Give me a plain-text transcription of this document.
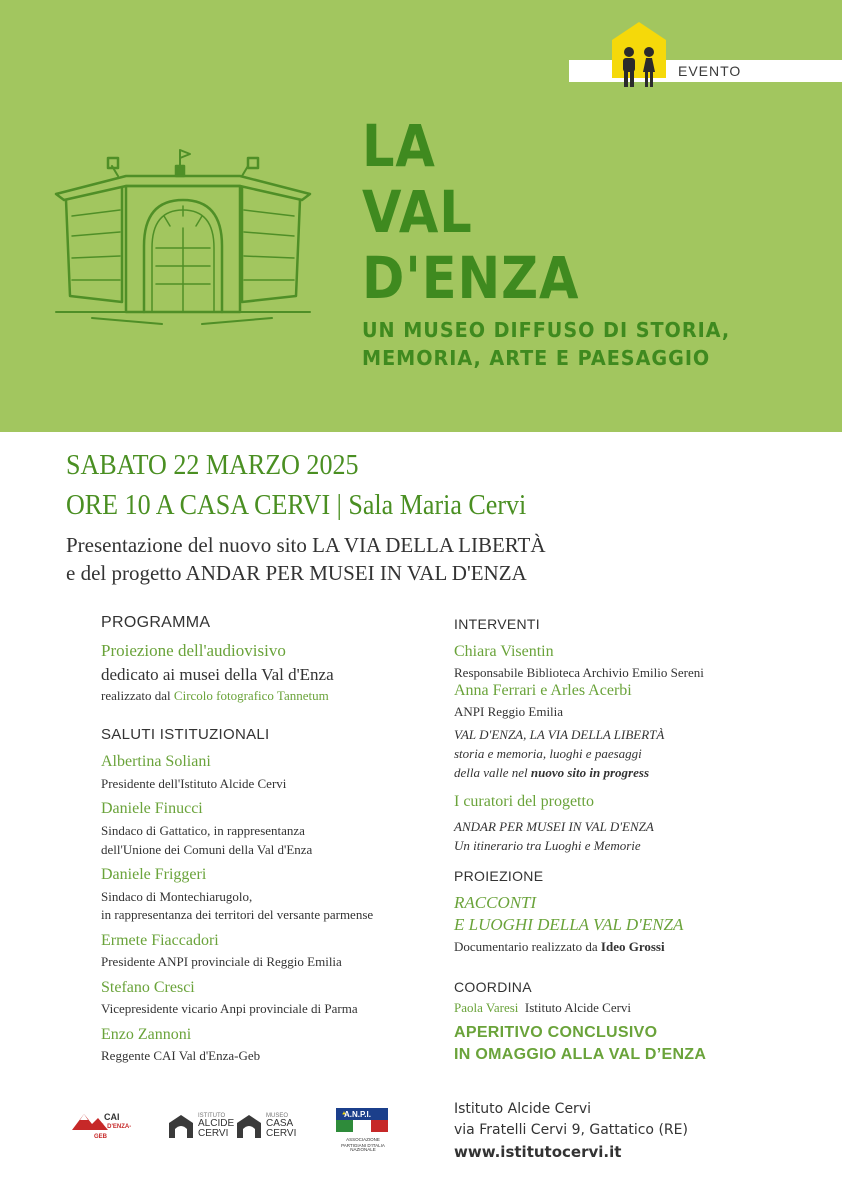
EVENTO
LA
VAL
D'ENZA
UN MUSEO DIFFUSO DI STORIA,
MEMORIA, ARTE E PAESAGGIO
SABATO 22 MARZO 2025
ORE 10 A CASA CERVI | Sala Maria Cervi
Presentazione del nuovo sito LA VIA DELLA LIBERTÀ
e del progetto ANDAR PER MUSEI IN VAL D'ENZA
PROGRAMMA
Proiezione dell'audiovisivo
dedicato ai musei della Val d'Enza
realizzato dal Circolo fotografico Tannetum
SALUTI ISTITUZIONALI
Albertina Soliani
Presidente dell'Istituto Alcide Cervi
Daniele Finucci
Sindaco di Gattatico, in rappresentanza
dell'Unione dei Comuni della Val d'Enza
Daniele Friggeri
Sindaco di Montechiarugolo,
in rappresentanza dei territori del versante parmense
Ermete Fiaccadori
Presidente ANPI provinciale di Reggio Emilia
Stefano Cresci
Vicepresidente vicario Anpi provinciale di Parma
Enzo Zannoni
Reggente CAI Val d'Enza-Geb
INTERVENTI
Chiara Visentin
Responsabile Biblioteca Archivio Emilio Sereni
Anna Ferrari e Arles Acerbi
ANPI Reggio Emilia
VAL D'ENZA, LA VIA DELLA LIBERTÀ
storia e memoria, luoghi e paesaggi
della valle nel nuovo sito in progress
I curatori del progetto
ANDAR PER MUSEI IN VAL D'ENZA
Un itinerario tra Luoghi e Memorie
PROIEZIONE
RACCONTI
E LUOGHI DELLA VAL D'ENZA
Documentario realizzato da Ideo Grossi
COORDINA
Paola Varesi Istituto Alcide Cervi
APERITIVO CONCLUSIVO
IN OMAGGIO ALLA VAL D’ENZA
CAI
VAL D'ENZA-GEB
ISTITUTO
ALCIDE
CERVI
MUSEO
CASA
CERVI
A.N.P.I.
ASSOCIAZIONE NAZIONALE
PARTIGIANI D'ITALIA
Istituto Alcide Cervi
via Fratelli Cervi 9, Gattatico (RE)
www.istitutocervi.it
